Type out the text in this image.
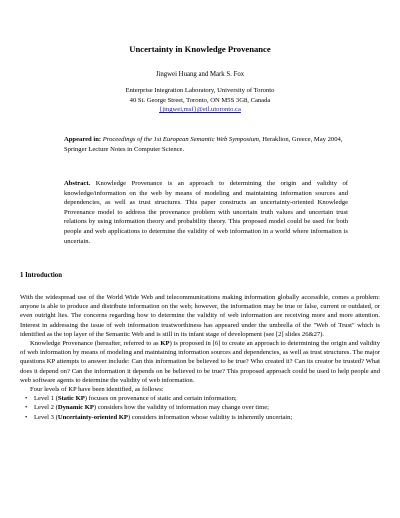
Uncertainty in Knowledge Provenance
Jingwei Huang and Mark S. Fox
Enterprise Integration Laboratory, University of Toronto
40 St. George Street, Toronto, ON M5S 3G8, Canada
{jingwei,msf}@eil.utoronto.ca
Appeared in: Proceedings of the 1st European Semantic Web Symposium, Heraklion, Greece, May 2004, Springer Lecture Notes in Computer Science.
Abstract. Knowledge Provenance is an approach to determining the origin and validity of knowledge/information on the web by means of modeling and maintaining information sources and dependencies, as well as trust structures. This paper constructs an uncertainty-oriented Knowledge Provenance model to address the provenance problem with uncertain truth values and uncertain trust relations by using information theory and probability theory. This proposed model could be used for both people and web applications to determine the validity of web information in a world where information is uncertain.
1 Introduction

With the widespread use of the World Wide Web and telecommunications making information globally accessible, comes a problem: anyone is able to produce and distribute information on the web; however, the information may be true or false, current or outdated, or even outright lies. The concerns regarding how to determine the validity of web information are receiving more and more attention. Interest in addressing the issue of web information trustworthiness has appeared under the umbrella of the "Web of Trust" which is identified as the top layer of the Semantic Web and is still in its infant stage of development (see [2] slides 26&27).

Knowledge Provenance (hereafter, referred to as KP) is proposed in [6] to create an approach to determining the origin and validity of web information by means of modeling and maintaining information sources and dependencies, as well as trust structures. The major questions KP attempts to answer include: Can this information be believed to be true? Who created it? Can its creator be trusted? What does it depend on? Can the information it depends on be believed to be true? This proposed approach could be used to help people and web software agents to determine the validity of web information.

Four levels of KP have been identified, as follows:

• Level 1 (Static KP) focuses on provenance of static and certain information;
• Level 2 (Dynamic KP) considers how the validity of information may change over time;
• Level 3 (Uncertainty-oriented KP) considers information whose validity is inherently uncertain;
